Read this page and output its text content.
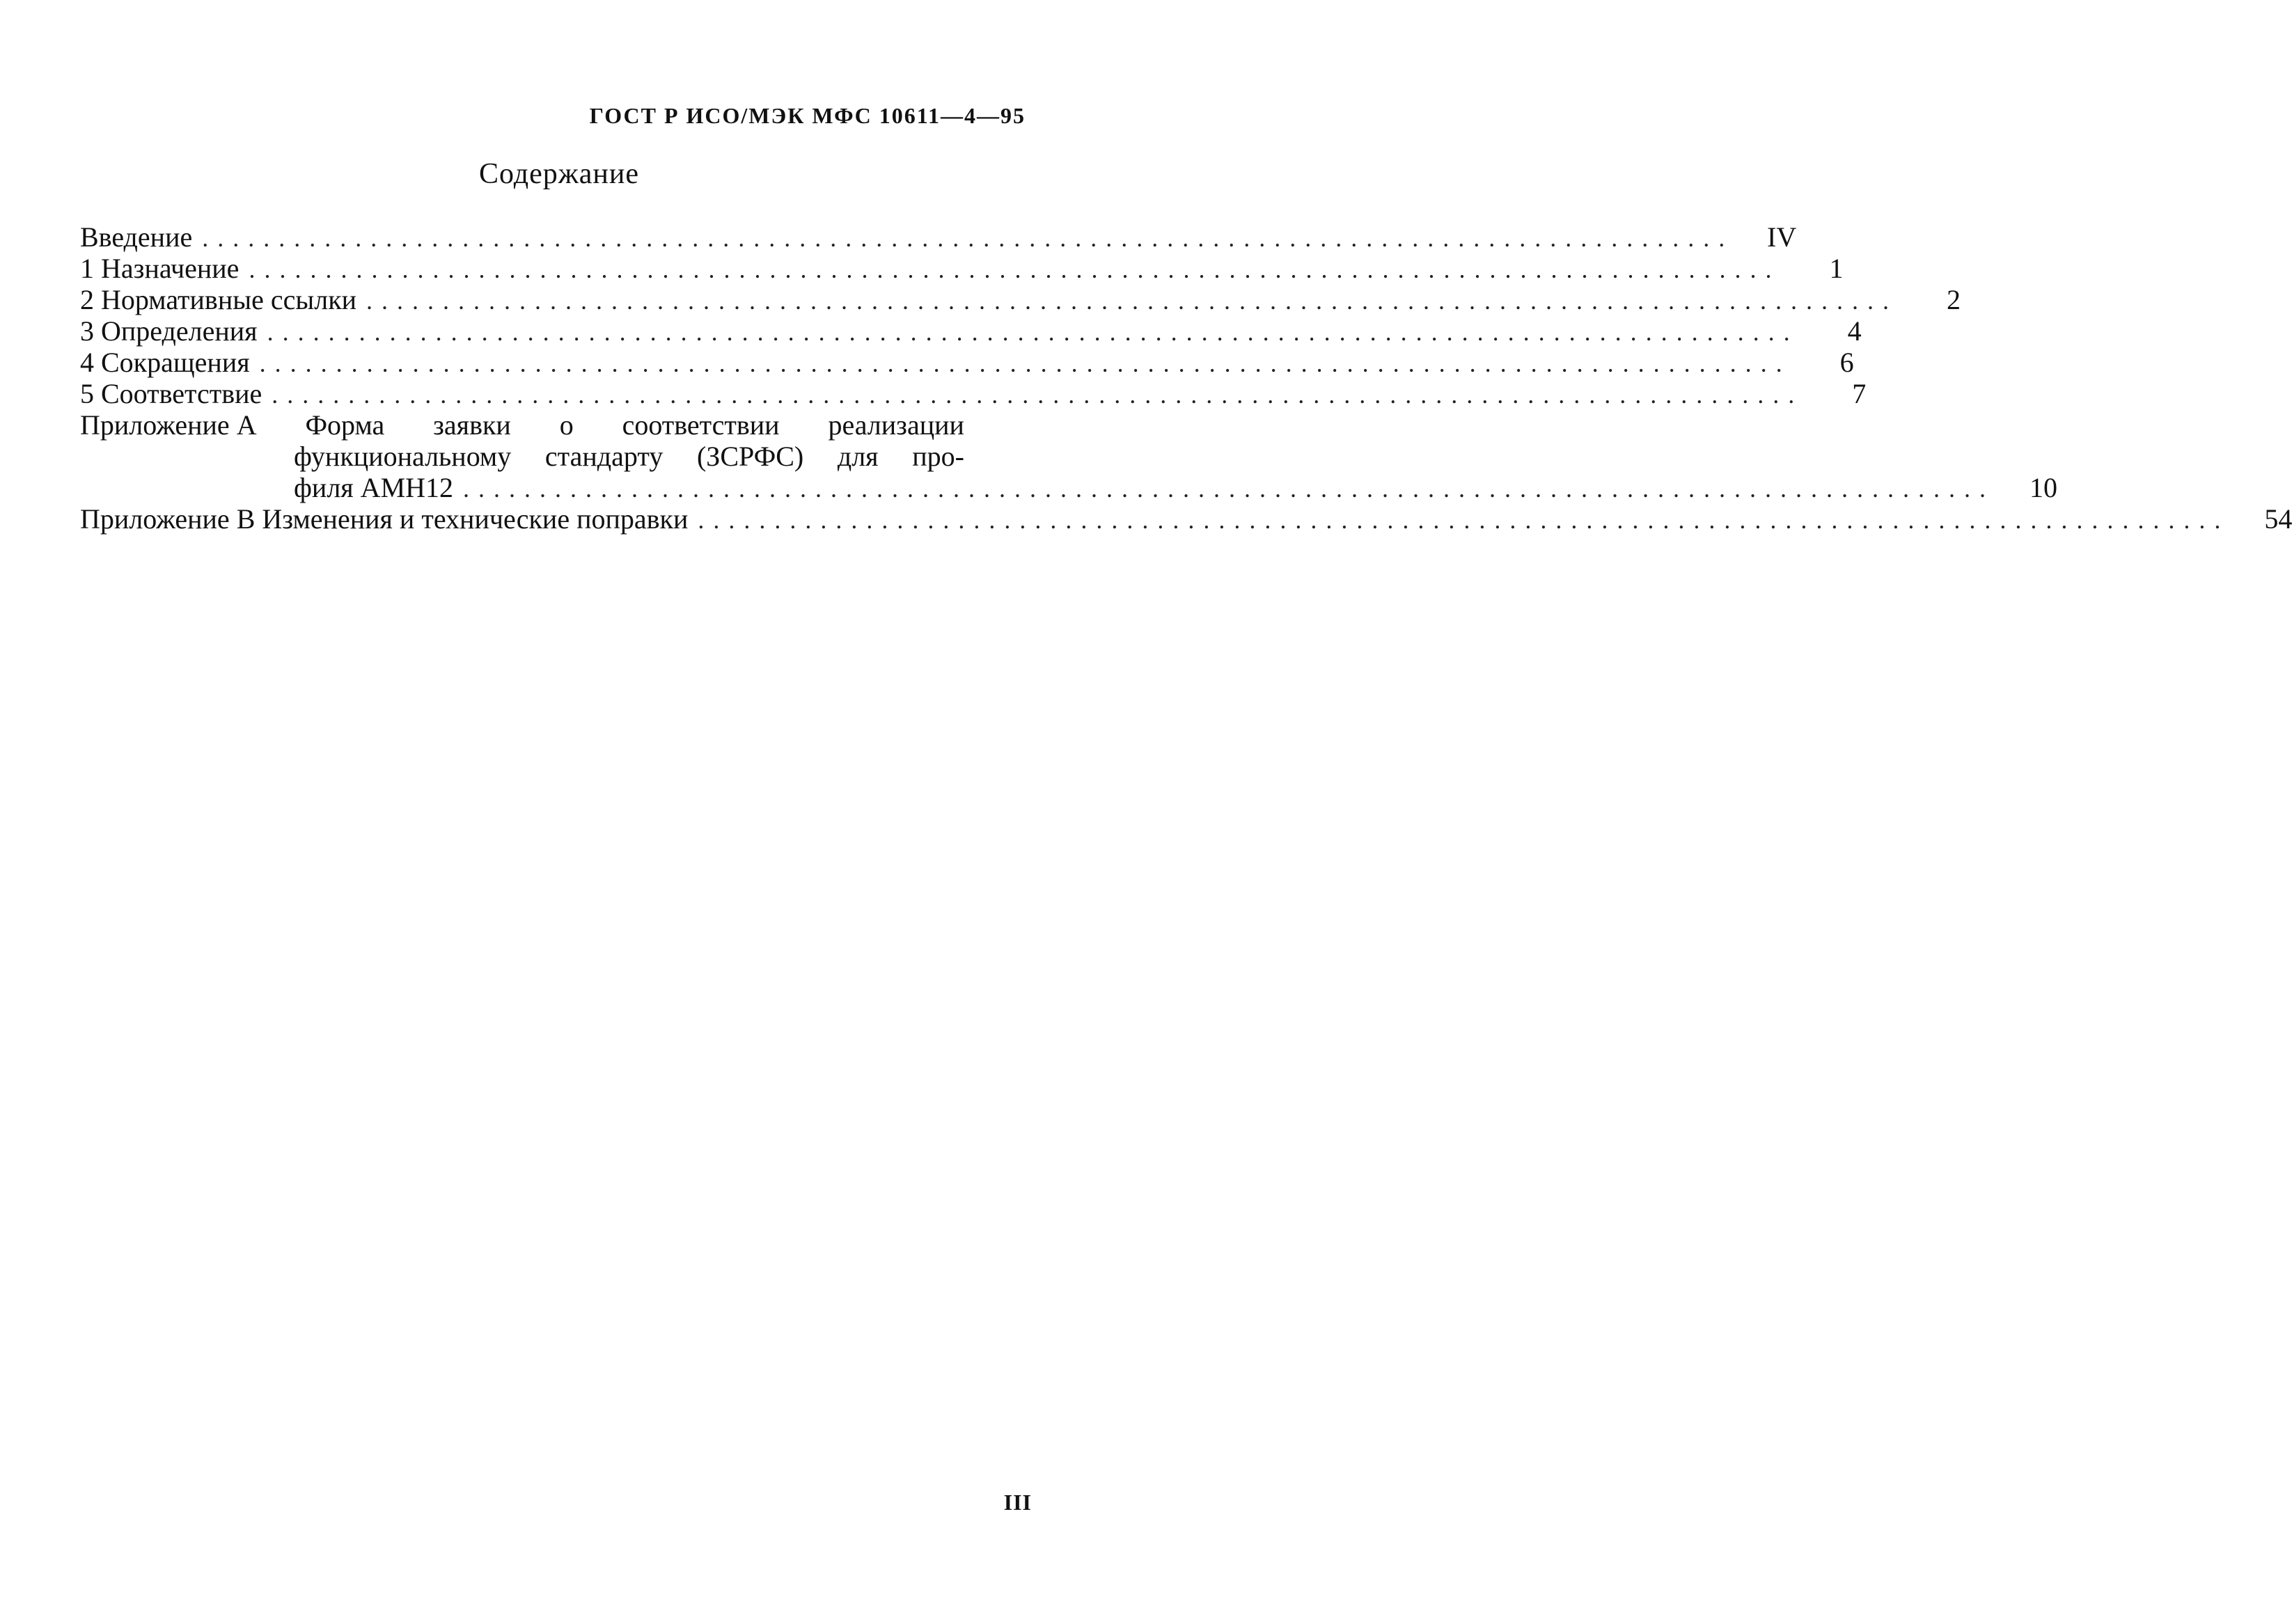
ГОСТ Р ИСО/МЭК МФС 10611—4—95
Содержание
Введение ....................................................................................................	IV
1 Назначение ....................................................................................................	1
2 Нормативные ссылки ....................................................................................................	2
3 Определения ....................................................................................................	4
4 Сокращения ....................................................................................................	6
5 Соответствие ....................................................................................................	7
Приложение А Форма заявки о соответствии реализации
функциональному стандарту (ЗСРФС) для про-
филя AMH12 ....................................................................................................	10
Приложение В Изменения и технические поправки ....................................................................................................	54
III
